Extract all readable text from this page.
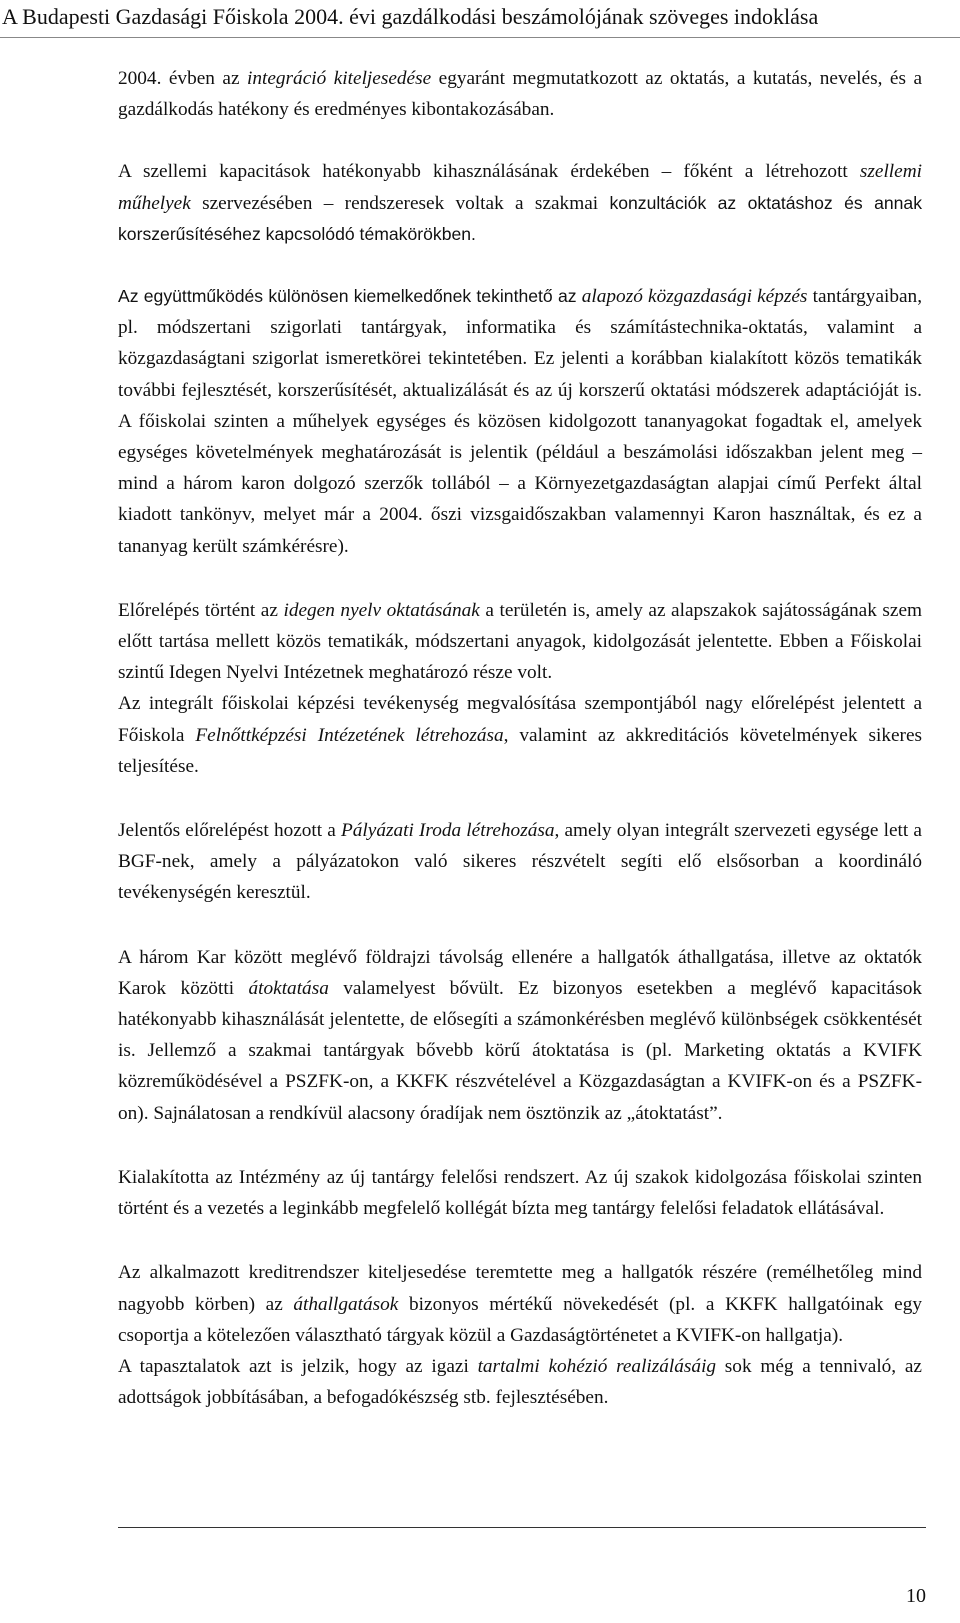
A Budapesti Gazdasági Főiskola 2004. évi gazdálkodási beszámolójának szöveges indoklása

2004. évben az integráció kiteljesedése egyaránt megmutatkozott az oktatás, a kutatás, nevelés, és a gazdálkodás hatékony és eredményes kibontakozásában.

A szellemi kapacitások hatékonyabb kihasználásának érdekében – főként a létrehozott szellemi műhelyek szervezésében – rendszeresek voltak a szakmai konzultációk az oktatáshoz és annak korszerűsítéséhez kapcsolódó témakörökben.

Az együttműködés különösen kiemelkedőnek tekinthető az alapozó közgazdasági képzés tantárgyaiban, pl. módszertani szigorlati tantárgyak, informatika és számítástechnika-oktatás, valamint a közgazdaságtani szigorlat ismeretkörei tekintetében. Ez jelenti a korábban kialakított közös tematikák további fejlesztését, korszerűsítését, aktualizálását és az új korszerű oktatási módszerek adaptációját is. A főiskolai szinten a műhelyek egységes és közösen kidolgozott tananyagokat fogadtak el, amelyek egységes követelmények meghatározását is jelentik (például a beszámolási időszakban jelent meg – mind a három karon dolgozó szerzők tollából – a Környezetgazdaságtan alapjai című Perfekt által kiadott tankönyv, melyet már a 2004. őszi vizsgaidőszakban valamennyi Karon használtak, és ez a tananyag került számkérésre).

Előrelépés történt az idegen nyelv oktatásának a területén is, amely az alapszakok sajátosságának szem előtt tartása mellett közös tematikák, módszertani anyagok, kidolgozását jelentette. Ebben a Főiskolai szintű Idegen Nyelvi Intézetnek meghatározó része volt.

Az integrált főiskolai képzési tevékenység megvalósítása szempontjából nagy előrelépést jelentett a Főiskola Felnőttképzési Intézetének létrehozása, valamint az akkreditációs követelmények sikeres teljesítése.

Jelentős előrelépést hozott a Pályázati Iroda létrehozása, amely olyan integrált szervezeti egysége lett a BGF-nek, amely a pályázatokon való sikeres részvételt segíti elő elsősorban a koordináló tevékenységén keresztül.

A három Kar között meglévő földrajzi távolság ellenére a hallgatók áthallgatása, illetve az oktatók Karok közötti átoktatása valamelyest bővült. Ez bizonyos esetekben a meglévő kapacitások hatékonyabb kihasználását jelentette, de elősegíti a számonkérésben meglévő különbségek csökkentését is. Jellemző a szakmai tantárgyak bővebb körű átoktatása is (pl. Marketing oktatás a KVIFK közreműködésével a PSZFK-on, a KKFK részvételével a Közgazdaságtan a KVIFK-on és a PSZFK-on). Sajnálatosan a rendkívül alacsony óradíjak nem ösztönzik az „átoktatást”.

Kialakította az Intézmény az új tantárgy felelősi rendszert. Az új szakok kidolgozása főiskolai szinten történt és a vezetés a leginkább megfelelő kollégát bízta meg tantárgy felelősi feladatok ellátásával.

Az alkalmazott kreditrendszer kiteljesedése teremtette meg a hallgatók részére (remélhetőleg mind nagyobb körben) az áthallgatások bizonyos mértékű növekedését (pl. a KKFK hallgatóinak egy csoportja a kötelezően választható tárgyak közül a Gazdaságtörténetet a KVIFK-on hallgatja).

A tapasztalatok azt is jelzik, hogy az igazi tartalmi kohézió realizálásáig sok még a tennivaló, az adottságok jobbításában, a befogadókészség stb. fejlesztésében.

10
